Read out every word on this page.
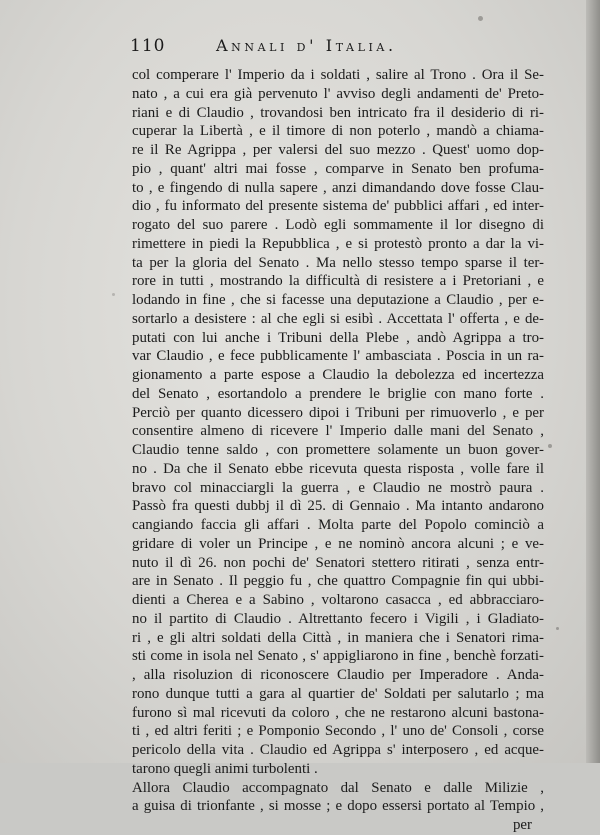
110	Annali d' Italia.
col comperare l' Imperio da i soldati , salire al Trono . Ora il Se-
nato , a cui era già pervenuto l' avviso degli andamenti de' Preto-
riani e di Claudio , trovandosi ben intricato fra il desiderio di ri-
cuperar la Libertà , e il timore di non poterlo , mandò a chiama-
re il Re Agrippa , per valersi del suo mezzo . Quest' uomo dop-
pio , quant' altri mai fosse , comparve in Senato ben profuma-
to , e fingendo di nulla sapere , anzi dimandando dove fosse Clau-
dio , fu informato del presente sistema de' pubblici affari , ed inter-
rogato del suo parere . Lodò egli sommamente il lor disegno di
rimettere in piedi la Repubblica , e si protestò pronto a dar la vi-
ta per la gloria del Senato . Ma nello stesso tempo sparse il ter-
rore in tutti , mostrando la difficultà di resistere a i Pretoriani , e
lodando in fine , che si facesse una deputazione a Claudio , per e-
sortarlo a desistere : al che egli si esibì . Accettata l' offerta , e de-
putati con lui anche i Tribuni della Plebe , andò Agrippa a tro-
var Claudio , e fece pubblicamente l' ambasciata . Poscia in un ra-
gionamento a parte espose a Claudio la debolezza ed incertezza
del Senato , esortandolo a prendere le briglie con mano forte .
Perciò per quanto dicessero dipoi i Tribuni per rimuoverlo , e per
consentire almeno di ricevere l' Imperio dalle mani del Senato ,
Claudio tenne saldo , con promettere solamente un buon gover-
no . Da che il Senato ebbe ricevuta questa risposta , volle fare il
bravo col minacciargli la guerra , e Claudio ne mostrò paura .
Passò fra questi dubbj il dì 25. di Gennaio . Ma intanto andarono
cangiando faccia gli affari . Molta parte del Popolo cominciò a
gridare di voler un Principe , e ne nominò ancora alcuni ; e ve-
nuto il dì 26. non pochi de' Senatori stettero ritirati , senza entr-
are in Senato . Il peggio fu , che quattro Compagnie fin qui ubbi-
dienti a Cherea e a Sabino , voltarono casacca , ed abbracciaro-
no il partito di Claudio . Altrettanto fecero i Vigili , i Gladiato-
ri , e gli altri soldati della Città , in maniera che i Senatori rima-
sti come in isola nel Senato , s' appigliarono in fine , benchè forzati-
, alla risoluzion di riconoscere Claudio per Imperadore . Anda-
rono dunque tutti a gara al quartier de' Soldati per salutarlo ; ma
furono sì mal ricevuti da coloro , che ne restarono alcuni bastona-
ti , ed altri feriti ; e Pomponio Secondo , l' uno de' Consoli , corse
pericolo della vita . Claudio ed Agrippa s' interposero , ed acque-
tarono quegli animi turbolenti .
Allora Claudio accompagnato dal Senato e dalle Milizie ,
a guisa di trionfante , si mosse ; e dopo essersi portato al Tempio ,
per
